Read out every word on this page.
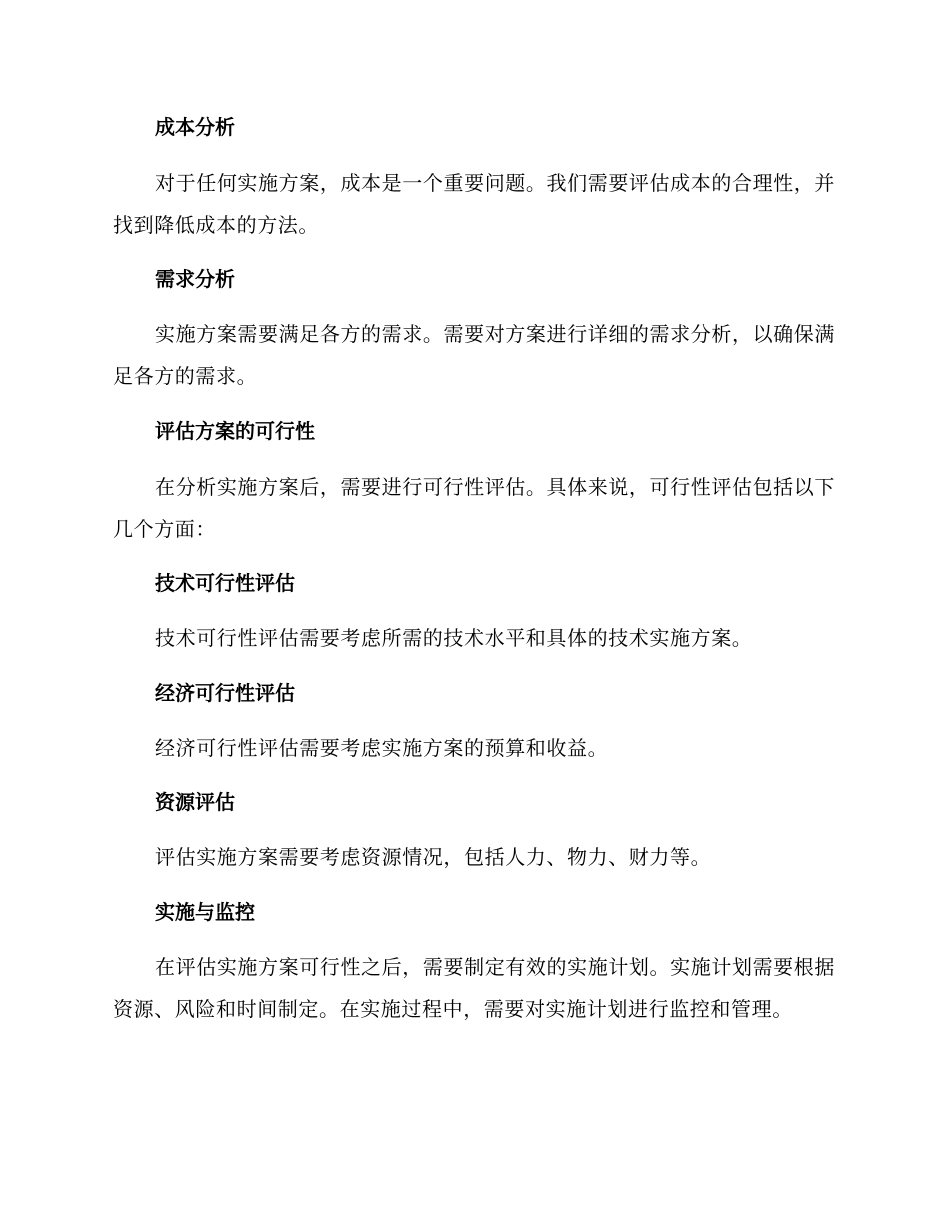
成本分析

对于任何实施方案，成本是一个重要问题。我们需要评估成本的合理性，并找到降低成本的方法。

需求分析

实施方案需要满足各方的需求。需要对方案进行详细的需求分析，以确保满足各方的需求。

评估方案的可行性

在分析实施方案后，需要进行可行性评估。具体来说，可行性评估包括以下几个方面：

技术可行性评估

技术可行性评估需要考虑所需的技术水平和具体的技术实施方案。

经济可行性评估

经济可行性评估需要考虑实施方案的预算和收益。

资源评估

评估实施方案需要考虑资源情况，包括人力、物力、财力等。

实施与监控

在评估实施方案可行性之后，需要制定有效的实施计划。实施计划需要根据资源、风险和时间制定。在实施过程中，需要对实施计划进行监控和管理。
